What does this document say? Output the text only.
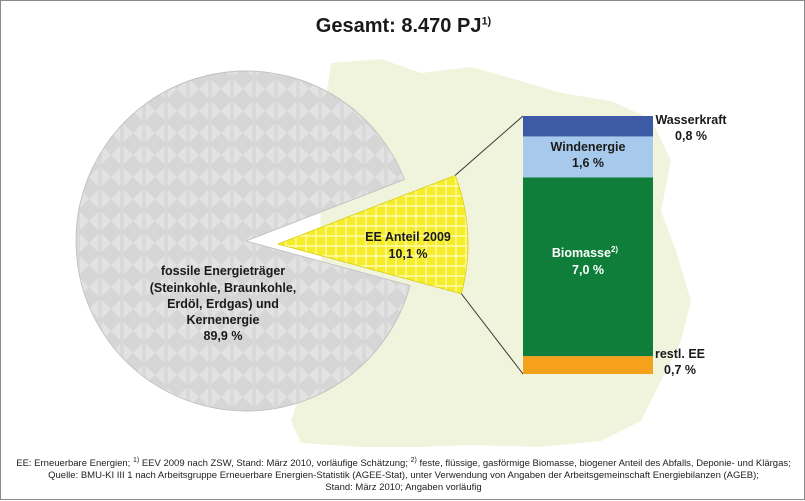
Gesamt: 8.470 PJ$^{1)}$
EE Anteil 2009
10,1 %
fossile Energieträger
(Steinkohle, Braunkohle,
Erdöl, Erdgas) und
Kernenergie
89,9 %
Wasserkraft
0,8 %
Windenergie
1,6 %
Biomasse$^{2)}$
7,0 %
restl. EE
0,7 %
EE: Erneuerbare Energien; $^{1)}$ EEV 2009 nach ZSW, Stand: März 2010, vorläufige Schätzung; $^{2)}$ feste, flüssige, gasförmige Biomasse, biogener Anteil des Abfalls, Deponie- und Klärgas;
Quelle: BMU-KI III 1 nach Arbeitsgruppe Erneuerbare Energien-Statistik (AGEE-Stat), unter Verwendung von Angaben der Arbeitsgemeinschaft Energiebilanzen (AGEB);
Stand: März 2010; Angaben vorläufig
